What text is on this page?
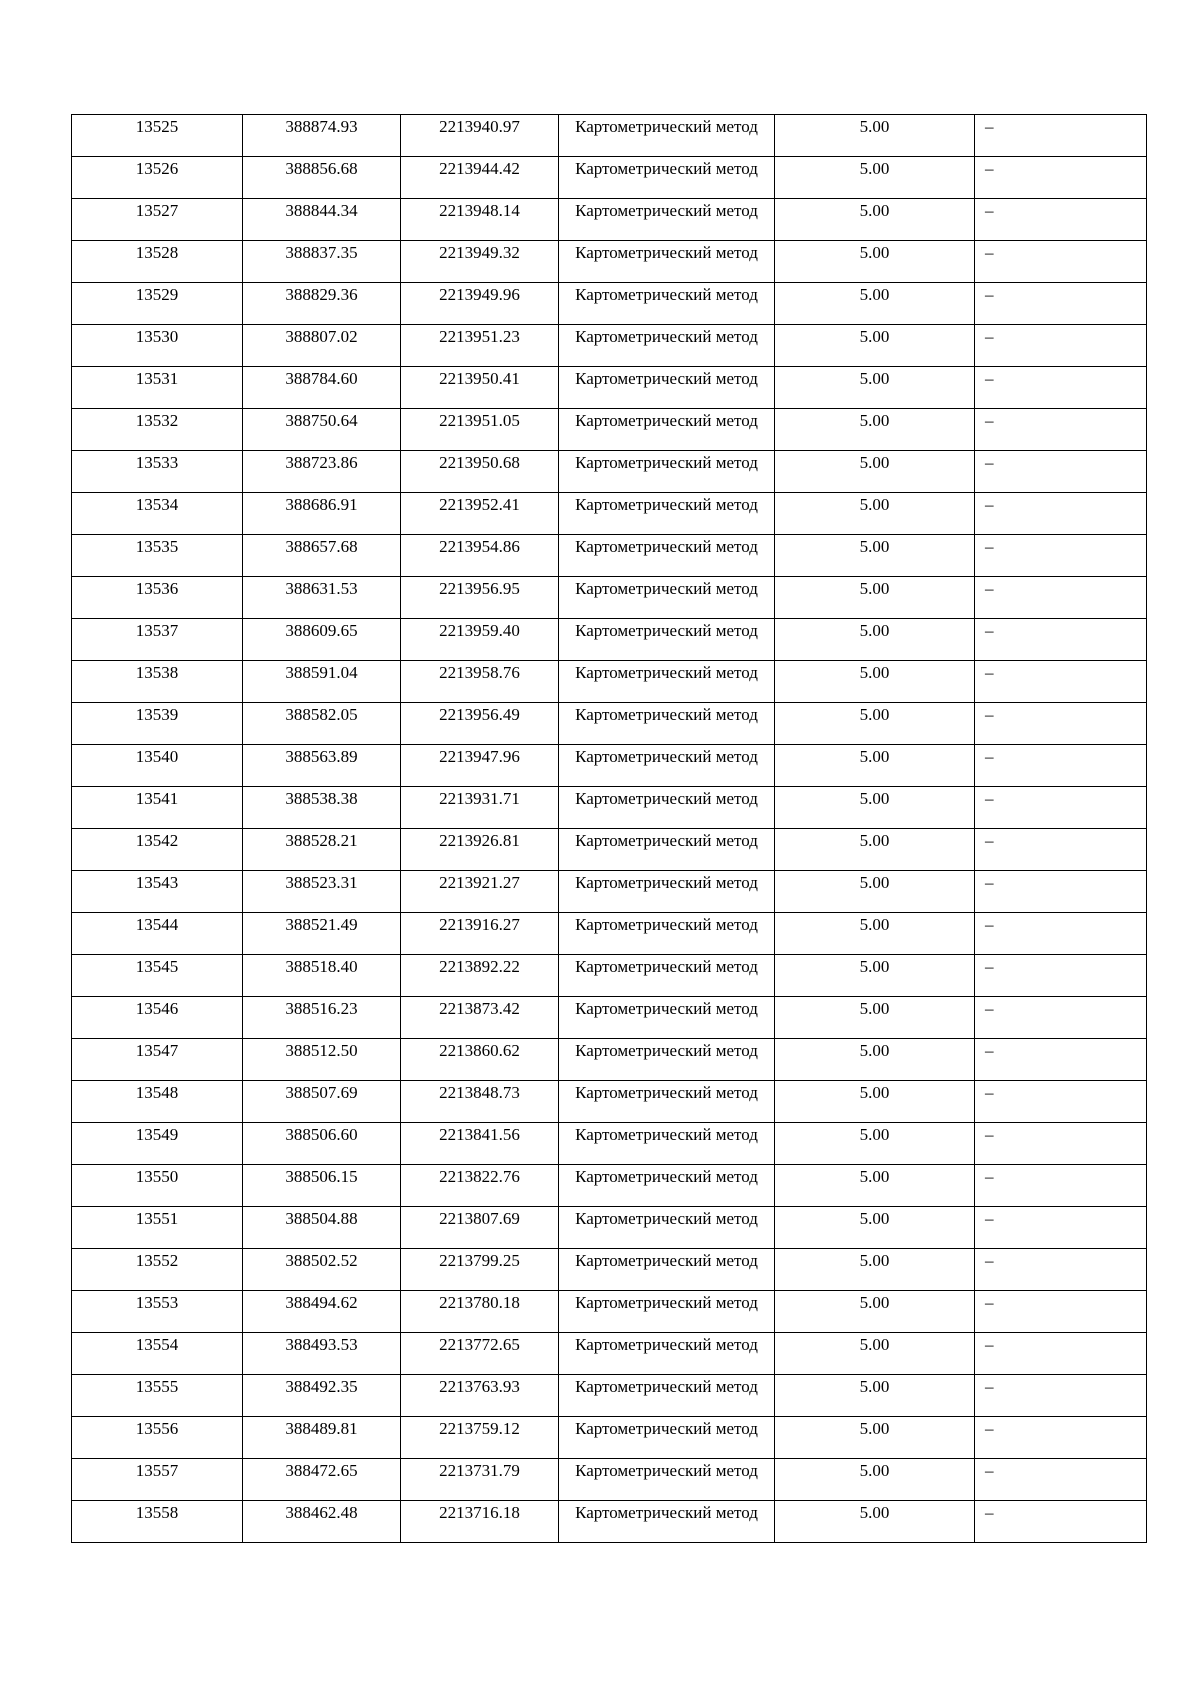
13525	388874.93	2213940.97	Картометрический метод	5.00	–

13526	388856.68	2213944.42	Картометрический метод	5.00	–

13527	388844.34	2213948.14	Картометрический метод	5.00	–

13528	388837.35	2213949.32	Картометрический метод	5.00	–

13529	388829.36	2213949.96	Картометрический метод	5.00	–

13530	388807.02	2213951.23	Картометрический метод	5.00	–

13531	388784.60	2213950.41	Картометрический метод	5.00	–

13532	388750.64	2213951.05	Картометрический метод	5.00	–

13533	388723.86	2213950.68	Картометрический метод	5.00	–

13534	388686.91	2213952.41	Картометрический метод	5.00	–

13535	388657.68	2213954.86	Картометрический метод	5.00	–

13536	388631.53	2213956.95	Картометрический метод	5.00	–

13537	388609.65	2213959.40	Картометрический метод	5.00	–

13538	388591.04	2213958.76	Картометрический метод	5.00	–

13539	388582.05	2213956.49	Картометрический метод	5.00	–

13540	388563.89	2213947.96	Картометрический метод	5.00	–

13541	388538.38	2213931.71	Картометрический метод	5.00	–

13542	388528.21	2213926.81	Картометрический метод	5.00	–

13543	388523.31	2213921.27	Картометрический метод	5.00	–

13544	388521.49	2213916.27	Картометрический метод	5.00	–

13545	388518.40	2213892.22	Картометрический метод	5.00	–

13546	388516.23	2213873.42	Картометрический метод	5.00	–

13547	388512.50	2213860.62	Картометрический метод	5.00	–

13548	388507.69	2213848.73	Картометрический метод	5.00	–

13549	388506.60	2213841.56	Картометрический метод	5.00	–

13550	388506.15	2213822.76	Картометрический метод	5.00	–

13551	388504.88	2213807.69	Картометрический метод	5.00	–

13552	388502.52	2213799.25	Картометрический метод	5.00	–

13553	388494.62	2213780.18	Картометрический метод	5.00	–

13554	388493.53	2213772.65	Картометрический метод	5.00	–

13555	388492.35	2213763.93	Картометрический метод	5.00	–

13556	388489.81	2213759.12	Картометрический метод	5.00	–

13557	388472.65	2213731.79	Картометрический метод	5.00	–

13558	388462.48	2213716.18	Картометрический метод	5.00	–
